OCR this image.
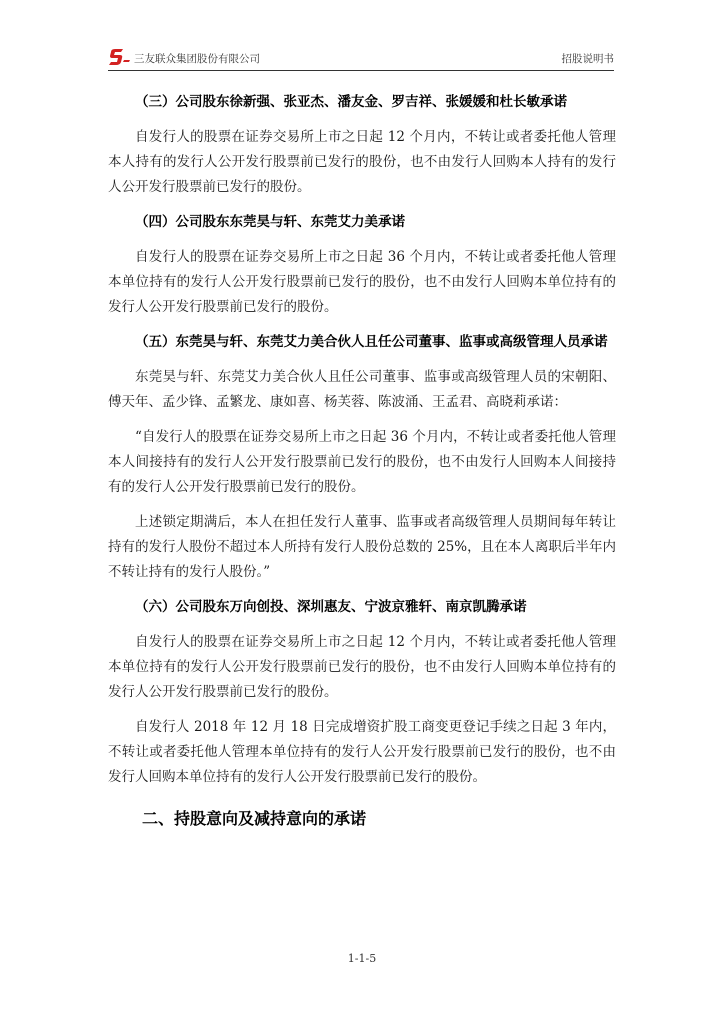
三友联众集团股份有限公司	招股说明书
（三）公司股东徐新强、张亚杰、潘友金、罗吉祥、张媛媛和杜长敏承诺
自发行人的股票在证券交易所上市之日起 12 个月内，不转让或者委托他人管理本人持有的发行人公开发行股票前已发行的股份，也不由发行人回购本人持有的发行人公开发行股票前已发行的股份。
（四）公司股东东莞昊与轩、东莞艾力美承诺
自发行人的股票在证券交易所上市之日起 36 个月内，不转让或者委托他人管理本单位持有的发行人公开发行股票前已发行的股份，也不由发行人回购本单位持有的发行人公开发行股票前已发行的股份。
（五）东莞昊与轩、东莞艾力美合伙人且任公司董事、监事或高级管理人员承诺
东莞昊与轩、东莞艾力美合伙人且任公司董事、监事或高级管理人员的宋朝阳、傅天年、孟少锋、孟繁龙、康如喜、杨芙蓉、陈波涌、王孟君、高晓莉承诺：
“自发行人的股票在证券交易所上市之日起 36 个月内，不转让或者委托他人管理本人间接持有的发行人公开发行股票前已发行的股份，也不由发行人回购本人间接持有的发行人公开发行股票前已发行的股份。
上述锁定期满后，本人在担任发行人董事、监事或者高级管理人员期间每年转让持有的发行人股份不超过本人所持有发行人股份总数的 25%，且在本人离职后半年内不转让持有的发行人股份。”
（六）公司股东万向创投、深圳惠友、宁波京雅轩、南京凯腾承诺
自发行人的股票在证券交易所上市之日起 12 个月内，不转让或者委托他人管理本单位持有的发行人公开发行股票前已发行的股份，也不由发行人回购本单位持有的发行人公开发行股票前已发行的股份。
自发行人 2018 年 12 月 18 日完成增资扩股工商变更登记手续之日起 3 年内，不转让或者委托他人管理本单位持有的发行人公开发行股票前已发行的股份，也不由发行人回购本单位持有的发行人公开发行股票前已发行的股份。
二、持股意向及减持意向的承诺
1-1-5
